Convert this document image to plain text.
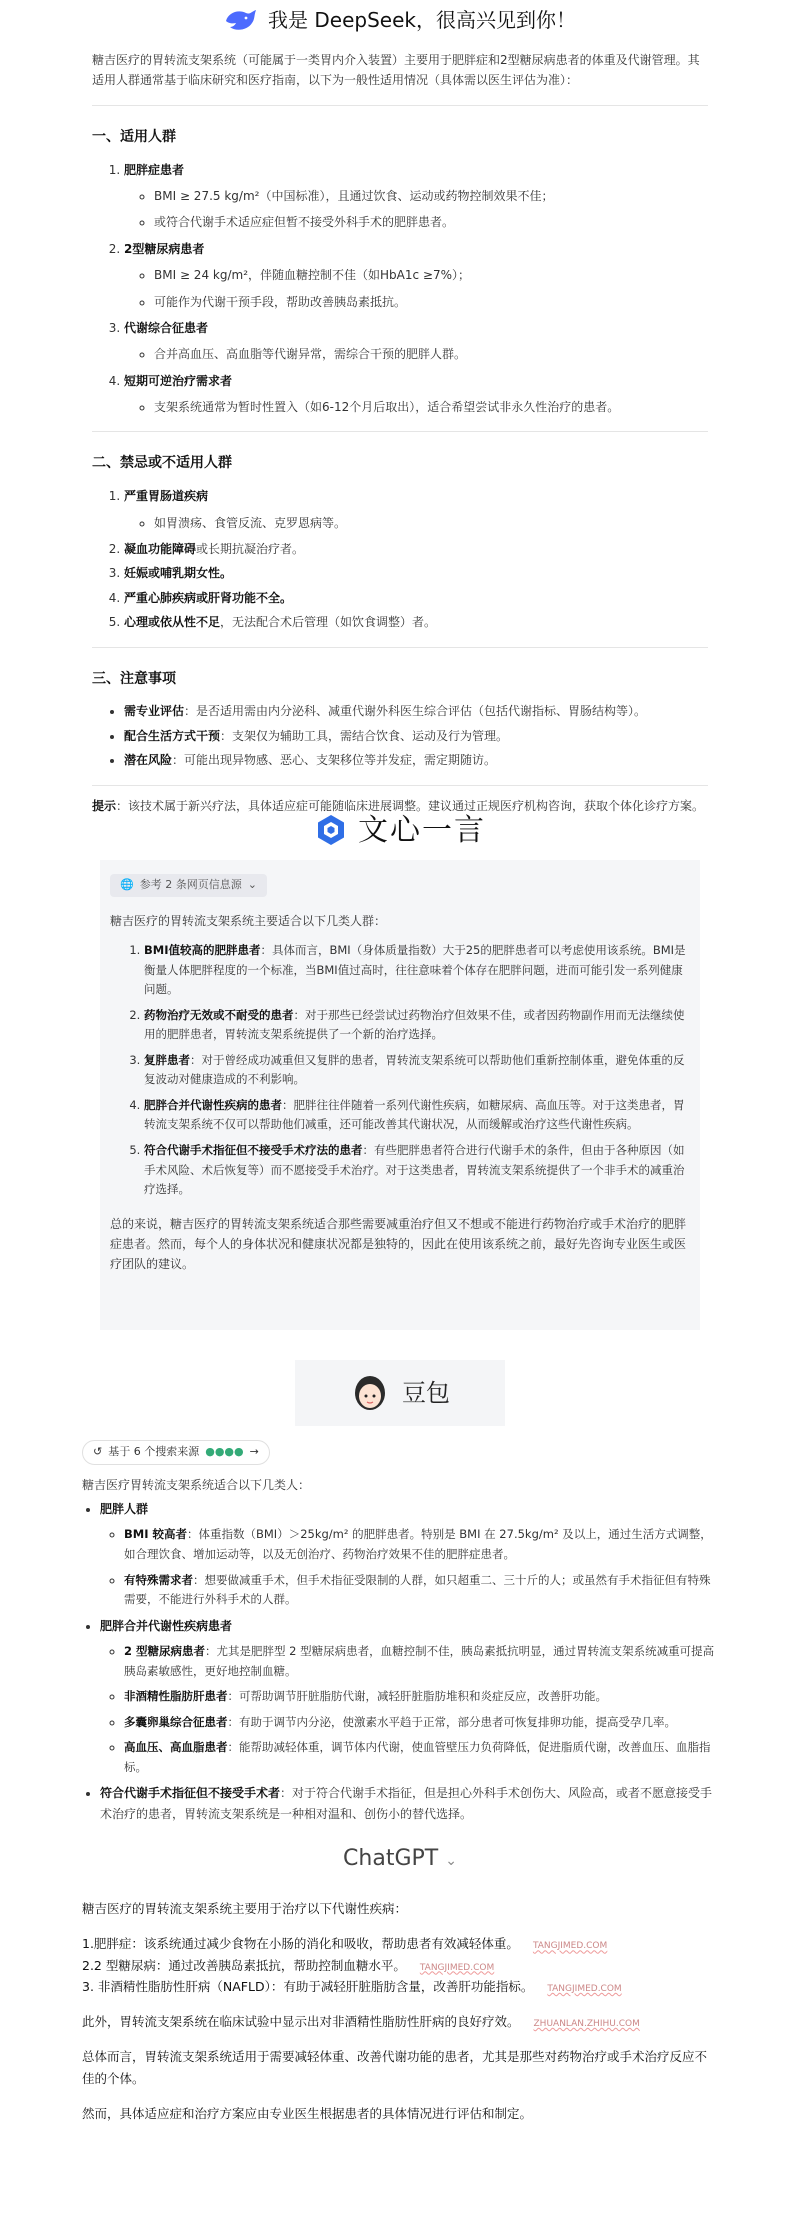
我是 DeepSeek，很高兴见到你！

糖吉医疗的胃转流支架系统（可能属于一类胃内介入装置）主要用于肥胖症和2型糖尿病患者的体重及代谢管理。其适用人群通常基于临床研究和医疗指南，以下为一般性适用情况（具体需以医生评估为准）：

一、适用人群
1. 肥胖症患者
◦ BMI ≥ 27.5 kg/m²（中国标准），且通过饮食、运动或药物控制效果不佳；
◦ 或符合代谢手术适应症但暂不接受外科手术的肥胖患者。
2. 2型糖尿病患者
◦ BMI ≥ 24 kg/m²，伴随血糖控制不佳（如HbA1c ≥7%）；
◦ 可能作为代谢干预手段，帮助改善胰岛素抵抗。
3. 代谢综合征患者
◦ 合并高血压、高血脂等代谢异常，需综合干预的肥胖人群。
4. 短期可逆治疗需求者
◦ 支架系统通常为暂时性置入（如6-12个月后取出），适合希望尝试非永久性治疗的患者。
二、禁忌或不适用人群
1. 严重胃肠道疾病
◦ 如胃溃疡、食管反流、克罗恩病等。
2. 凝血功能障碍或长期抗凝治疗者。
3. 妊娠或哺乳期女性。
4. 严重心肺疾病或肝肾功能不全。
5. 心理或依从性不足，无法配合术后管理（如饮食调整）者。
三、注意事项
• 需专业评估：是否适用需由内分泌科、减重代谢外科医生综合评估（包括代谢指标、胃肠结构等）。
• 配合生活方式干预：支架仅为辅助工具，需结合饮食、运动及行为管理。
• 潜在风险：可能出现异物感、恶心、支架移位等并发症，需定期随访。

提示：该技术属于新兴疗法，具体适应症可能随临床进展调整。建议通过正规医疗机构咨询，获取个体化诊疗方案。

文心一言
🌐 参考 2 条网页信息源 ⌄

糖吉医疗的胃转流支架系统主要适合以下几类人群：

1. BMI值较高的肥胖患者：具体而言，BMI（身体质量指数）大于25的肥胖患者可以考虑使用该系统。BMI是衡量人体肥胖程度的一个标准，当BMI值过高时，往往意味着个体存在肥胖问题，进而可能引发一系列健康问题。
2. 药物治疗无效或不耐受的患者：对于那些已经尝试过药物治疗但效果不佳，或者因药物副作用而无法继续使用的肥胖患者，胃转流支架系统提供了一个新的治疗选择。
3. 复胖患者：对于曾经成功减重但又复胖的患者，胃转流支架系统可以帮助他们重新控制体重，避免体重的反复波动对健康造成的不利影响。
4. 肥胖合并代谢性疾病的患者：肥胖往往伴随着一系列代谢性疾病，如糖尿病、高血压等。对于这类患者，胃转流支架系统不仅可以帮助他们减重，还可能改善其代谢状况，从而缓解或治疗这些代谢性疾病。
5. 符合代谢手术指征但不接受手术疗法的患者：有些肥胖患者符合进行代谢手术的条件，但由于各种原因（如手术风险、术后恢复等）而不愿接受手术治疗。对于这类患者，胃转流支架系统提供了一个非手术的减重治疗选择。

总的来说，糖吉医疗的胃转流支架系统适合那些需要减重治疗但又不想或不能进行药物治疗或手术治疗的肥胖症患者。然而，每个人的身体状况和健康状况都是独特的，因此在使用该系统之前，最好先咨询专业医生或医疗团队的建议。

豆包
↺ 基于 6 个搜索来源 ●●●● →

糖吉医疗胃转流支架系统适合以下几类人：

• 肥胖人群
◦ BMI 较高者：体重指数（BMI）＞25kg/m² 的肥胖患者。特别是 BMI 在 27.5kg/m² 及以上，通过生活方式调整，如合理饮食、增加运动等，以及无创治疗、药物治疗效果不佳的肥胖症患者。
◦ 有特殊需求者：想要做减重手术，但手术指征受限制的人群，如只超重二、三十斤的人；或虽然有手术指征但有特殊需要，不能进行外科手术的人群。
• 肥胖合并代谢性疾病患者
◦ 2 型糖尿病患者：尤其是肥胖型 2 型糖尿病患者，血糖控制不佳，胰岛素抵抗明显，通过胃转流支架系统减重可提高胰岛素敏感性，更好地控制血糖。
◦ 非酒精性脂肪肝患者：可帮助调节肝脏脂肪代谢，减轻肝脏脂肪堆积和炎症反应，改善肝功能。
◦ 多囊卵巢综合征患者：有助于调节内分泌，使激素水平趋于正常，部分患者可恢复排卵功能，提高受孕几率。
◦ 高血压、高血脂患者：能帮助减轻体重，调节体内代谢，使血管壁压力负荷降低，促进脂质代谢，改善血压、血脂指标。
• 符合代谢手术指征但不接受手术者：对于符合代谢手术指征，但是担心外科手术创伤大、风险高，或者不愿意接受手术治疗的患者，胃转流支架系统是一种相对温和、创伤小的替代选择。
ChatGPT ⌄

糖吉医疗的胃转流支架系统主要用于治疗以下代谢性疾病：

1.肥胖症：该系统通过减少食物在小肠的消化和吸收，帮助患者有效减轻体重。 TANGJIMED.COM
2.2 型糖尿病：通过改善胰岛素抵抗，帮助控制血糖水平。 TANGJIMED.COM
3. 非酒精性脂肪性肝病（NAFLD）：有助于减轻肝脏脂肪含量，改善肝功能指标。 TANGJIMED.COM

此外，胃转流支架系统在临床试验中显示出对非酒精性脂肪性肝病的良好疗效。 ZHUANLAN.ZHIHU.COM

总体而言，胃转流支架系统适用于需要减轻体重、改善代谢功能的患者，尤其是那些对药物治疗或手术治疗反应不佳的个体。

然而，具体适应症和治疗方案应由专业医生根据患者的具体情况进行评估和制定。
